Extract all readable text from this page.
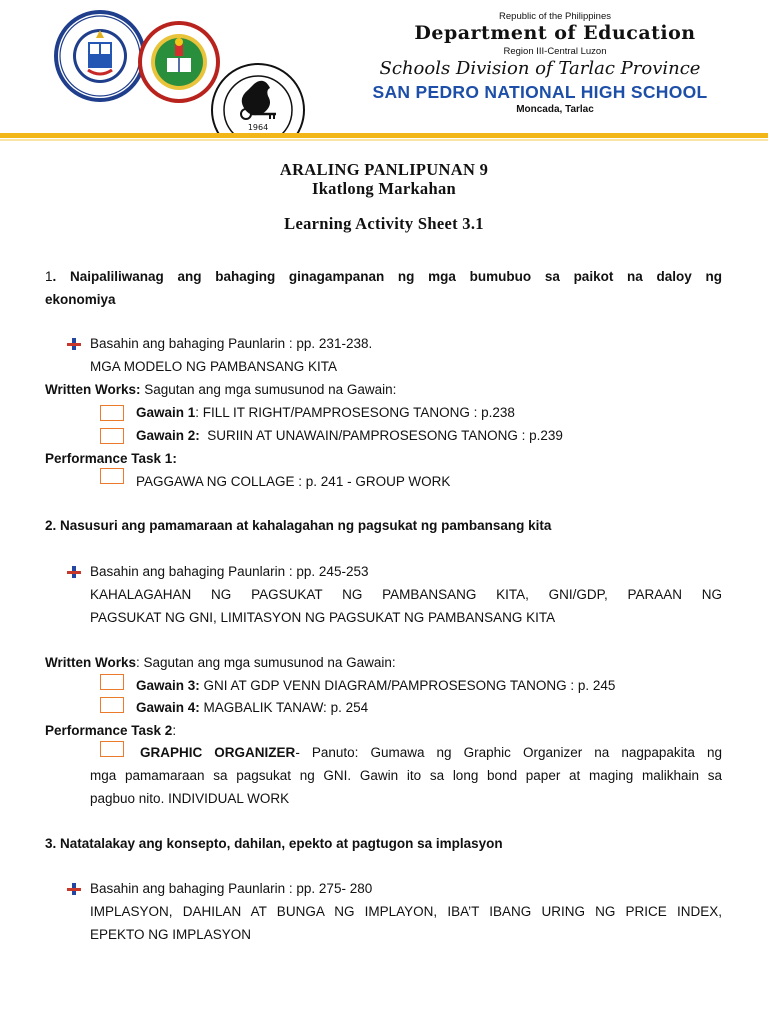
1964
Republic of the Philippines
Department of Education
Region III-Central Luzon
Schools Division of Tarlac Province
SAN PEDRO NATIONAL HIGH SCHOOL
Moncada, Tarlac
ARALING PANLIPUNAN 9
Ikatlong Markahan
Learning Activity Sheet 3.1
1. Naipaliliwanag ang bahaging ginagampanan ng mga bumubuo sa paikot na daloy ng
ekonomiya
Basahin ang bahaging Paunlarin : pp. 231-238.
MGA MODELO NG PAMBANSANG KITA
Written Works: Sagutan ang mga sumusunod na Gawain:
Gawain 1: FILL IT RIGHT/PAMPROSESONG TANONG : p.238
Gawain 2:  SURIIN AT UNAWAIN/PAMPROSESONG TANONG : p.239
Performance Task 1:
PAGGAWA NG COLLAGE : p. 241 - GROUP WORK
2. Nasusuri ang pamamaraan at kahalagahan ng pagsukat ng pambansang kita
Basahin ang bahaging Paunlarin : pp. 245-253
KAHALAGAHAN NG PAGSUKAT NG PAMBANSANG KITA, GNI/GDP, PARAAN NG
PAGSUKAT NG GNI, LIMITASYON NG PAGSUKAT NG PAMBANSANG KITA
Written Works: Sagutan ang mga sumusunod na Gawain:
Gawain 3: GNI AT GDP VENN DIAGRAM/PAMPROSESONG TANONG : p. 245
Gawain 4: MAGBALIK TANAW: p. 254
Performance Task 2:
GRAPHIC ORGANIZER- Panuto: Gumawa ng Graphic Organizer na nagpapakita ng
mga pamamaraan sa pagsukat ng GNI. Gawin ito sa long bond paper at maging malikhain sa
pagbuo nito. INDIVIDUAL WORK
3. Natatalakay ang konsepto, dahilan, epekto at pagtugon sa implasyon
Basahin ang bahaging Paunlarin : pp. 275- 280
IMPLASYON, DAHILAN AT BUNGA NG IMPLAYON, IBA’T IBANG URING NG PRICE INDEX,
EPEKTO NG IMPLASYON
